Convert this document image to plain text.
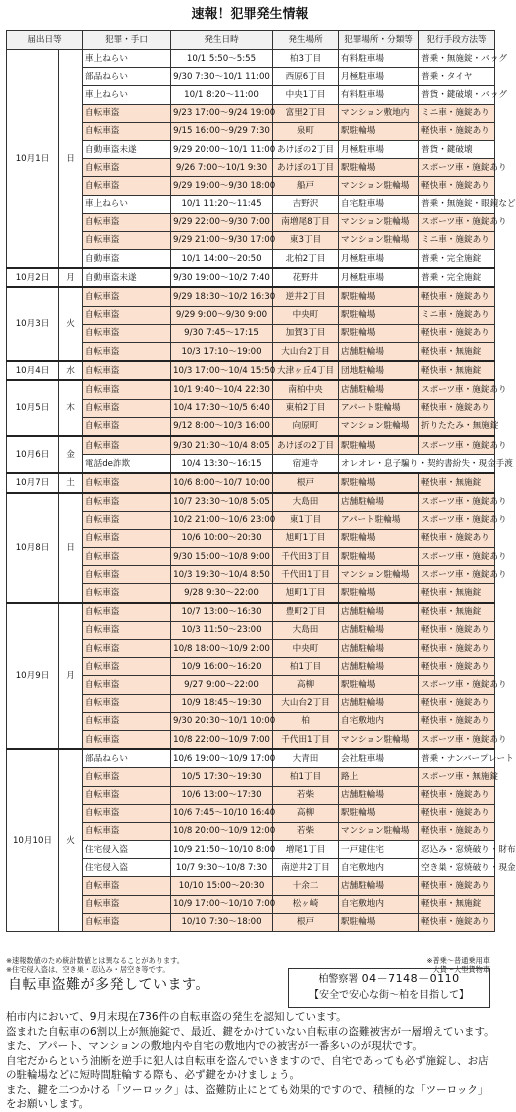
速報！犯罪発生情報
届出日等		犯罪・手口	発生日時	発生場所	犯罪場所・分類等	犯行手段方法等
10月1日	日	車上ねらい	10/1 5:50～5:55	柏3丁目	有料駐車場	普乗・無施錠・バッグ
		部品ねらい	9/30 7:30～10/1 11:00	西原6丁目	月極駐車場	普乗・タイヤ
		車上ねらい	10/1 8:20～11:00	中央1丁目	有料駐車場	普貨・鍵破壊・バッグ
		自転車盗	9/23 17:00～9/24 19:00	富里2丁目	マンション敷地内	ミニ車・施錠あり
		自転車盗	9/15 16:00～9/29 7:30	泉町	駅駐輪場	軽快車・施錠あり
		自動車盗未遂	9/29 20:00～10/1 11:00	あけぼの2丁目	月極駐車場	普貨・鍵破壊
		自転車盗	9/26 7:00～10/1 9:30	あけぼの1丁目	駅駐輪場	スポーツ車・施錠あり
		自転車盗	9/29 19:00～9/30 18:00	船戸	マンション駐輪場	軽快車・施錠あり
		車上ねらい	10/1 11:20～11:45	吉野沢	自宅駐車場	普乗・無施錠・眼鏡など
		自転車盗	9/29 22:00～9/30 7:00	南増尾8丁目	マンション駐輪場	スポーツ車・施錠あり
		自転車盗	9/29 21:00～9/30 17:00	東3丁目	マンション駐輪場	ミニ車・施錠あり
		自動車盗	10/1 14:00～20:50	北柏2丁目	月極駐車場	普乗・完全施錠
10月2日	月	自動車盗未遂	9/30 19:00～10/2 7:40	花野井	月極駐車場	普乗・完全施錠
10月3日	火	自転車盗	9/29 18:30～10/2 16:30	逆井2丁目	駅駐輪場	軽快車・施錠あり
		自転車盗	9/29 9:00～9/30 9:00	中央町	駅駐輪場	ミニ車・施錠あり
		自転車盗	9/30 7:45～17:15	加賀3丁目	駅駐輪場	軽快車・施錠あり
		自転車盗	10/3 17:10～19:00	大山台2丁目	店舗駐輪場	軽快車・無施錠
10月4日	水	自転車盗	10/3 17:00～10/4 15:50	大津ヶ丘4丁目	団地駐輪場	軽快車・無施錠
10月5日	木	自転車盗	10/1 9:40～10/4 22:30	南柏中央	店舗駐輪場	スポーツ車・施錠あり
		自転車盗	10/4 17:30～10/5 6:40	東柏2丁目	アパート駐輪場	軽快車・施錠あり
		自転車盗	9/12 8:00～10/3 16:00	向原町	マンション駐輪場	折りたたみ・無施錠
10月6日	金	自転車盗	9/30 21:30～10/4 8:05	あけぼの2丁目	駅駐輪場	スポーツ車・施錠あり
		電話de詐欺	10/4 13:30～16:15	宿連寺	オレオレ・息子騙り・契約書紛失・現金手渡	
10月7日	土	自転車盗	10/6 8:00～10/7 10:00	根戸	駅駐輪場	軽快車・無施錠
10月8日	日	自転車盗	10/7 23:30～10/8 5:05	大島田	店舗駐輪場	スポーツ車・施錠あり
		自転車盗	10/2 21:00～10/6 23:00	東1丁目	アパート駐輪場	スポーツ車・施錠あり
		自転車盗	10/6 10:00～20:30	旭町1丁目	駅駐輪場	軽快車・施錠あり
		自転車盗	9/30 15:00～10/8 9:00	千代田3丁目	駅駐輪場	スポーツ車・施錠あり
		自転車盗	10/3 19:30～10/4 8:50	千代田1丁目	マンション駐輪場	スポーツ車・施錠あり
		自転車盗	9/28 9:30～22:00	旭町1丁目	駅駐輪場	軽快車・無施錠
10月9日	月	自転車盗	10/7 13:00～16:30	豊町2丁目	店舗駐輪場	軽快車・無施錠
		自転車盗	10/3 11:50～23:00	大島田	店舗駐輪場	軽快車・施錠あり
		自転車盗	10/8 18:00～10/9 2:00	中央町	店舗駐輪場	軽快車・施錠あり
		自転車盗	10/9 16:00～16:20	柏1丁目	店舗駐輪場	軽快車・施錠あり
		自転車盗	9/27 9:00～22:00	高柳	駅駐輪場	スポーツ車・施錠あり
		自転車盗	10/9 18:45～19:30	大山台2丁目	店舗駐輪場	軽快車・施錠あり
		自転車盗	9/30 20:30～10/1 10:00	柏	自宅敷地内	軽快車・施錠あり
		自転車盗	10/8 22:00～10/9 7:00	千代田1丁目	マンション駐輪場	スポーツ車・施錠あり
10月10日	火	部品ねらい	10/6 19:00～10/9 17:00	大青田	会社駐車場	普乗・ナンバープレート
		自転車盗	10/5 17:30～19:30	柏1丁目	路上	スポーツ車・無施錠
		自転車盗	10/6 13:00～17:30	若柴	店舗駐輪場	軽快車・施錠あり
		自転車盗	10/6 7:45～10/10 16:40	高柳	駅駐輪場	軽快車・施錠あり
		自転車盗	10/8 20:00～10/9 12:00	若柴	マンション駐輪場	軽快車・施錠あり
		住宅侵入盗	10/9 21:50～10/10 8:00	増尾1丁目	一戸建住宅	忍込み・窓焼破り・財布
		住宅侵入盗	10/7 9:30～10/8 7:30	南逆井2丁目	自宅敷地内	空き巣・窓焼破り・現金
		自転車盗	10/10 15:00～20:30	十余二	店舗駐輪場	軽快車・施錠あり
		自転車盗	10/9 17:00～10/10 7:00	松ヶ崎	自宅敷地内	軽快車・無施錠
		自転車盗	10/10 7:30～18:00	根戸	駅駐輪場	軽快車・施錠あり
※速報数値のため統計数値とは異なることがあります。
※住宅侵入盗は、空き巣・忍込み・居空き等です。
※普乗～普通乗用車
大貨～大型貨物車
自転車盗難が多発しています。	柏警察署 04－7148－0110
【安全で安心な街～柏を目指して】

柏市内において、9月末現在736件の自転車盗の発生を認知しています。

盗まれた自転車の6割以上が無施錠で、最近、鍵をかけていない自転車の盗難被害が一層増えています。

また、アパート、マンションの敷地内や自宅の敷地内での被害が一番多いのが現状です。

自宅だからという油断を逆手に犯人は自転車を盗んでいきますので、自宅であっても必ず施錠し、お店の駐輪場などに短時間駐輪する際も、必ず鍵をかけましょう。

また、鍵を二つかける「ツーロック」は、盗難防止にとても効果的ですので、積極的な「ツーロック」をお願いします。
